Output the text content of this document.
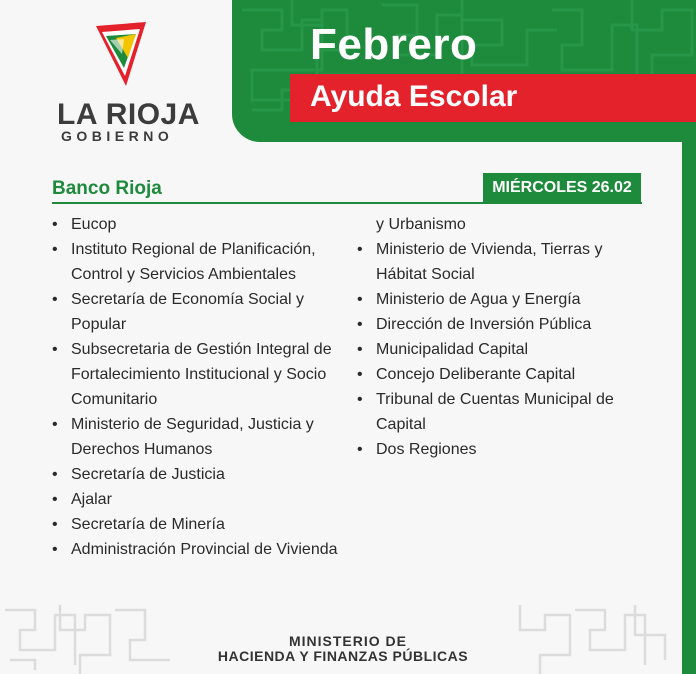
Febrero
Ayuda Escolar
LA RIOJA
GOBIERNO
Banco Rioja	MIÉRCOLES 26.02
• Eucop
• Instituto Regional de Planificación,
Control y Servicios Ambientales
• Secretaría de Economía Social y
Popular
• Subsecretaria de Gestión Integral de
Fortalecimiento Institucional y Socio
Comunitario
• Ministerio de Seguridad, Justicia y
Derechos Humanos
• Secretaría de Justicia
• Ajalar
• Secretaría de Minería
• Administración Provincial de Vivienda
y Urbanismo
• Ministerio de Vivienda, Tierras y
Hábitat Social
• Ministerio de Agua y Energía
• Dirección de Inversión Pública
• Municipalidad Capital
• Concejo Deliberante Capital
• Tribunal de Cuentas Municipal de
Capital
• Dos Regiones
MINISTERIO DE
HACIENDA Y FINANZAS PÚBLICAS
